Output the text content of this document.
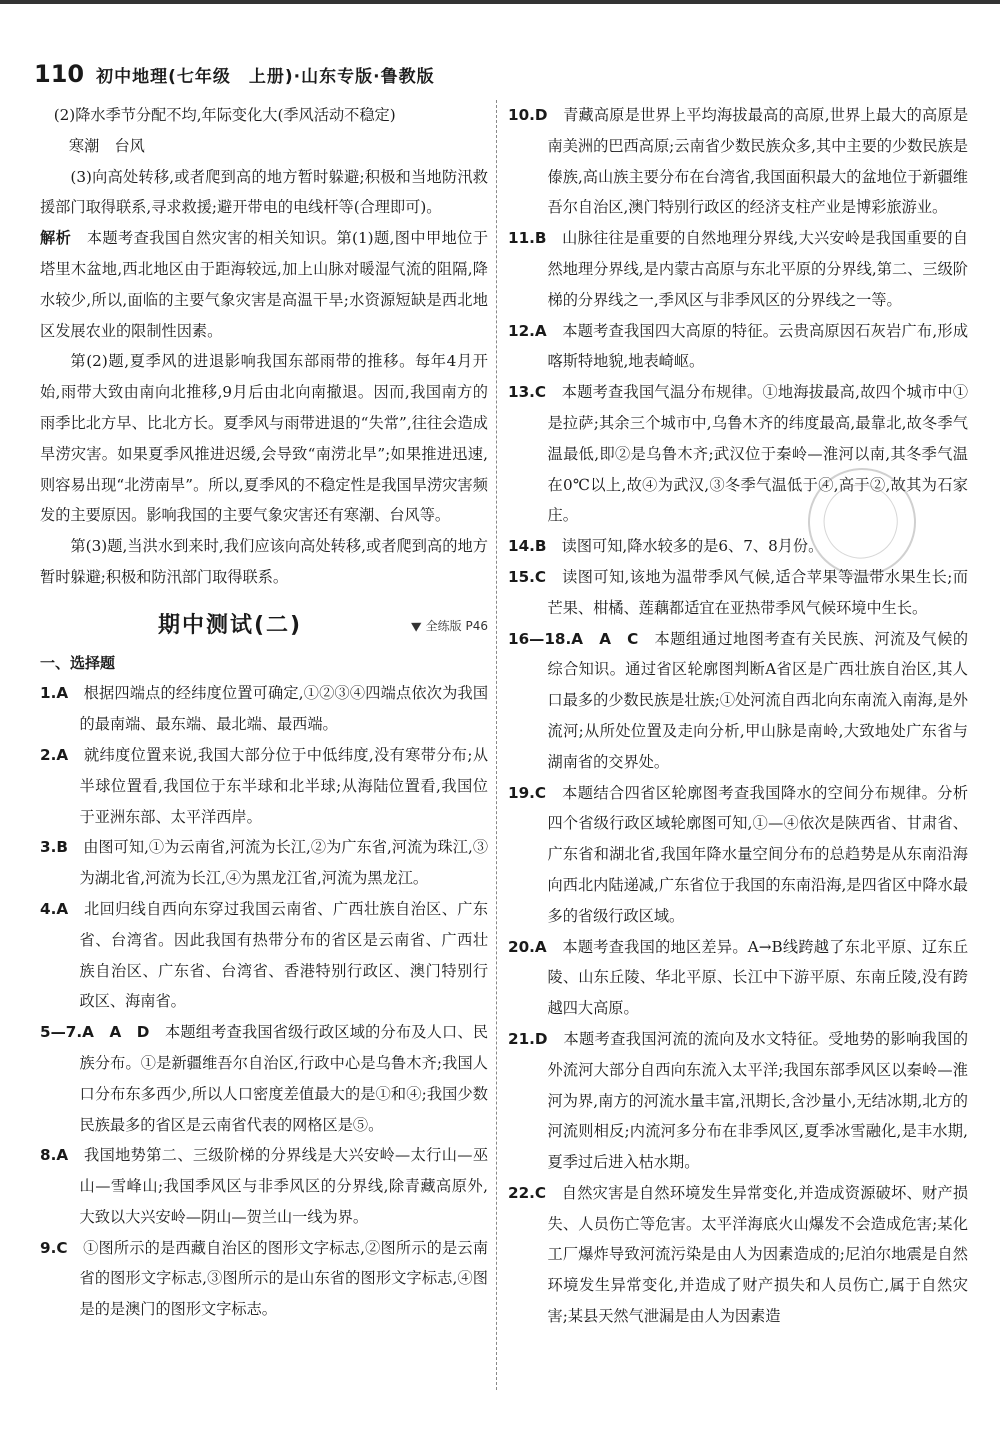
110 初中地理(七年级　上册)·山东专版·鲁教版

(2)降水季节分配不均,年际变化大(季风活动不稳定)

寒潮　台风

(3)向高处转移,或者爬到高的地方暂时躲避;积极和当地防汛救援部门取得联系,寻求救援;避开带电的电线杆等(合理即可)。

解析　 本题考查我国自然灾害的相关知识。第(1)题,图中甲地位于塔里木盆地,西北地区由于距海较远,加上山脉对暖湿气流的阻隔,降水较少,所以,面临的主要气象灾害是高温干旱;水资源短缺是西北地区发展农业的限制性因素。

第(2)题,夏季风的进退影响我国东部雨带的推移。每年4月开始,雨带大致由南向北推移,9月后由北向南撤退。因而,我国南方的雨季比北方早、比北方长。夏季风与雨带进退的“失常”,往往会造成旱涝灾害。如果夏季风推进迟缓,会导致“南涝北旱”;如果推进迅速,则容易出现“北涝南旱”。所以,夏季风的不稳定性是我国旱涝灾害频发的主要原因。影响我国的主要气象灾害还有寒潮、台风等。

第(3)题,当洪水到来时,我们应该向高处转移,或者爬到高的地方暂时躲避;积极和防汛部门取得联系。

期中测试(二)	全练版 P46
一、选择题

1.A　 根据四端点的经纬度位置可确定,①②③④四端点依次为我国的最南端、最东端、最北端、最西端。

2.A　 就纬度位置来说,我国大部分位于中低纬度,没有寒带分布;从半球位置看,我国位于东半球和北半球;从海陆位置看,我国位于亚洲东部、太平洋西岸。

3.B　 由图可知,①为云南省,河流为长江,②为广东省,河流为珠江,③为湖北省,河流为长江,④为黑龙江省,河流为黑龙江。

4.A　 北回归线自西向东穿过我国云南省、广西壮族自治区、广东省、台湾省。因此我国有热带分布的省区是云南省、广西壮族自治区、广东省、台湾省、香港特别行政区、澳门特别行政区、海南省。

5—7.A　A　D　 本题组考查我国省级行政区域的分布及人口、民族分布。①是新疆维吾尔自治区,行政中心是乌鲁木齐;我国人口分布东多西少,所以人口密度差值最大的是①和④;我国少数民族最多的省区是云南省代表的网格区是⑤。

8.A　 我国地势第二、三级阶梯的分界线是大兴安岭—太行山—巫山—雪峰山;我国季风区与非季风区的分界线,除青藏高原外,大致以大兴安岭—阴山—贺兰山一线为界。

9.C　 ①图所示的是西藏自治区的图形文字标志,②图所示的是云南省的图形文字标志,③图所示的是山东省的图形文字标志,④图是的是澳门的图形文字标志。

10.D　 青藏高原是世界上平均海拔最高的高原,世界上最大的高原是南美洲的巴西高原;云南省少数民族众多,其中主要的少数民族是傣族,高山族主要分布在台湾省,我国面积最大的盆地位于新疆维吾尔自治区,澳门特别行政区的经济支柱产业是博彩旅游业。

11.B　 山脉往往是重要的自然地理分界线,大兴安岭是我国重要的自然地理分界线,是内蒙古高原与东北平原的分界线,第二、三级阶梯的分界线之一,季风区与非季风区的分界线之一等。

12.A　 本题考查我国四大高原的特征。云贵高原因石灰岩广布,形成喀斯特地貌,地表崎岖。

13.C　 本题考查我国气温分布规律。①地海拔最高,故四个城市中①是拉萨;其余三个城市中,乌鲁木齐的纬度最高,最靠北,故冬季气温最低,即②是乌鲁木齐;武汉位于秦岭—淮河以南,其冬季气温在0℃以上,故④为武汉,③冬季气温低于④,高于②,故其为石家庄。

14.B　 读图可知,降水较多的是6、7、8月份。

15.C　 读图可知,该地为温带季风气候,适合苹果等温带水果生长;而芒果、柑橘、莲藕都适宜在亚热带季风气候环境中生长。

16—18.A　A　C　 本题组通过地图考查有关民族、河流及气候的综合知识。通过省区轮廓图判断A省区是广西壮族自治区,其人口最多的少数民族是壮族;①处河流自西北向东南流入南海,是外流河;从所处位置及走向分析,甲山脉是南岭,大致地处广东省与湖南省的交界处。

19.C　 本题结合四省区轮廓图考查我国降水的空间分布规律。分析四个省级行政区域轮廓图可知,①—④依次是陕西省、甘肃省、广东省和湖北省,我国年降水量空间分布的总趋势是从东南沿海向西北内陆递减,广东省位于我国的东南沿海,是四省区中降水最多的省级行政区域。

20.A　 本题考查我国的地区差异。A→B线跨越了东北平原、辽东丘陵、山东丘陵、华北平原、长江中下游平原、东南丘陵,没有跨越四大高原。

21.D　 本题考查我国河流的流向及水文特征。受地势的影响我国的外流河大部分自西向东流入太平洋;我国东部季风区以秦岭—淮河为界,南方的河流水量丰富,汛期长,含沙量小,无结冰期,北方的河流则相反;内流河多分布在非季风区,夏季冰雪融化,是丰水期,夏季过后进入枯水期。

22.C　 自然灾害是自然环境发生异常变化,并造成资源破坏、财产损失、人员伤亡等危害。太平洋海底火山爆发不会造成危害;某化工厂爆炸导致河流污染是由人为因素造成的;尼泊尔地震是自然环境发生异常变化,并造成了财产损失和人员伤亡,属于自然灾害;某县天然气泄漏是由人为因素造
